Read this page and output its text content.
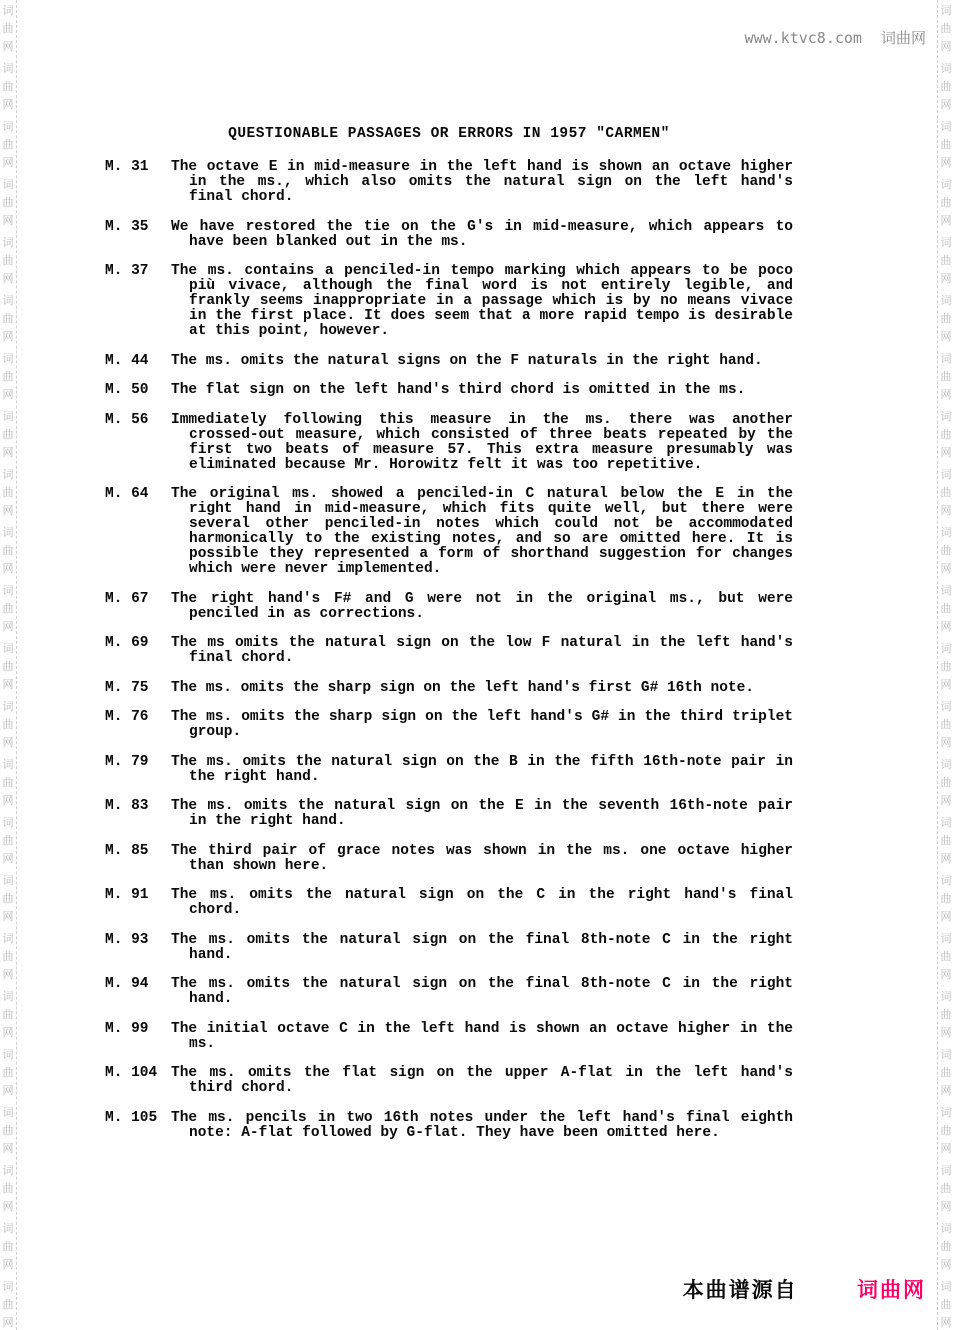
词
曲
网
词
曲
网
词
曲
网
词
曲
网
词
曲
网
词
曲
网
词
曲
网
词
曲
网
词
曲
网
词
曲
网
词
曲
网
词
曲
网
词
曲
网
词
曲
网
词
曲
网
词
曲
网
词
曲
网
词
曲
网
词
曲
网
词
曲
网
词
曲
网
词
曲
网
词
曲
网
词
曲
网
词
曲
网
词
曲
网
词
曲
网
词
曲
网
词
曲
网
词
曲
网
词
曲
网
词
曲
网
词
曲
网
词
曲
网
词
曲
网
词
曲
网
词
曲
网
词
曲
网
词
曲
网
词
曲
网
词
曲
网
词
曲
网
词
曲
网
词
曲
网
词
曲
网
词
曲
网
www.ktvc8.com 词曲网
QUESTIONABLE PASSAGES OR ERRORS IN 1957 "CARMEN"
M. 31	The octave E in mid-measure in the left hand is shown an octave higher in the ms., which also omits the natural sign on the left hand's final chord.
M. 35	We have restored the tie on the G's in mid-measure, which appears to have been blanked out in the ms.
M. 37	The ms. contains a penciled-in tempo marking which appears to be poco più vivace, although the final word is not entirely legible, and frankly seems inappropriate in a passage which is by no means vivace in the first place. It does seem that a more rapid tempo is desirable at this point, however.
M. 44	The ms. omits the natural signs on the F naturals in the right hand.
M. 50	The flat sign on the left hand's third chord is omitted in the ms.
M. 56	Immediately following this measure in the ms. there was another crossed-out measure, which consisted of three beats repeated by the first two beats of measure 57. This extra measure presumably was eliminated because Mr. Horowitz felt it was too repetitive.
M. 64	The original ms. showed a penciled-in C natural below the E in the right hand in mid-measure, which fits quite well, but there were several other penciled-in notes which could not be accommodated harmonically to the existing notes, and so are omitted here. It is possible they represented a form of shorthand suggestion for changes which were never implemented.
M. 67	The right hand's F# and G were not in the original ms., but were penciled in as corrections.
M. 69	The ms omits the natural sign on the low F natural in the left hand's final chord.
M. 75	The ms. omits the sharp sign on the left hand's first G# 16th note.
M. 76	The ms. omits the sharp sign on the left hand's G# in the third triplet group.
M. 79	The ms. omits the natural sign on the B in the fifth 16th-note pair in the right hand.
M. 83	The ms. omits the natural sign on the E in the seventh 16th-note pair in the right hand.
M. 85	The third pair of grace notes was shown in the ms. one octave higher than shown here.
M. 91	The ms. omits the natural sign on the C in the right hand's final chord.
M. 93	The ms. omits the natural sign on the final 8th-note C in the right hand.
M. 94	The ms. omits the natural sign on the final 8th-note C in the right hand.
M. 99	The initial octave C in the left hand is shown an octave higher in the ms.
M. 104 The ms. omits the flat sign on the upper A-flat in the left hand's third chord.
M. 105 The ms. pencils in two 16th notes under the left hand's final eighth note: A-flat followed by G-flat. They have been omitted here.
本曲谱源自	词曲网
